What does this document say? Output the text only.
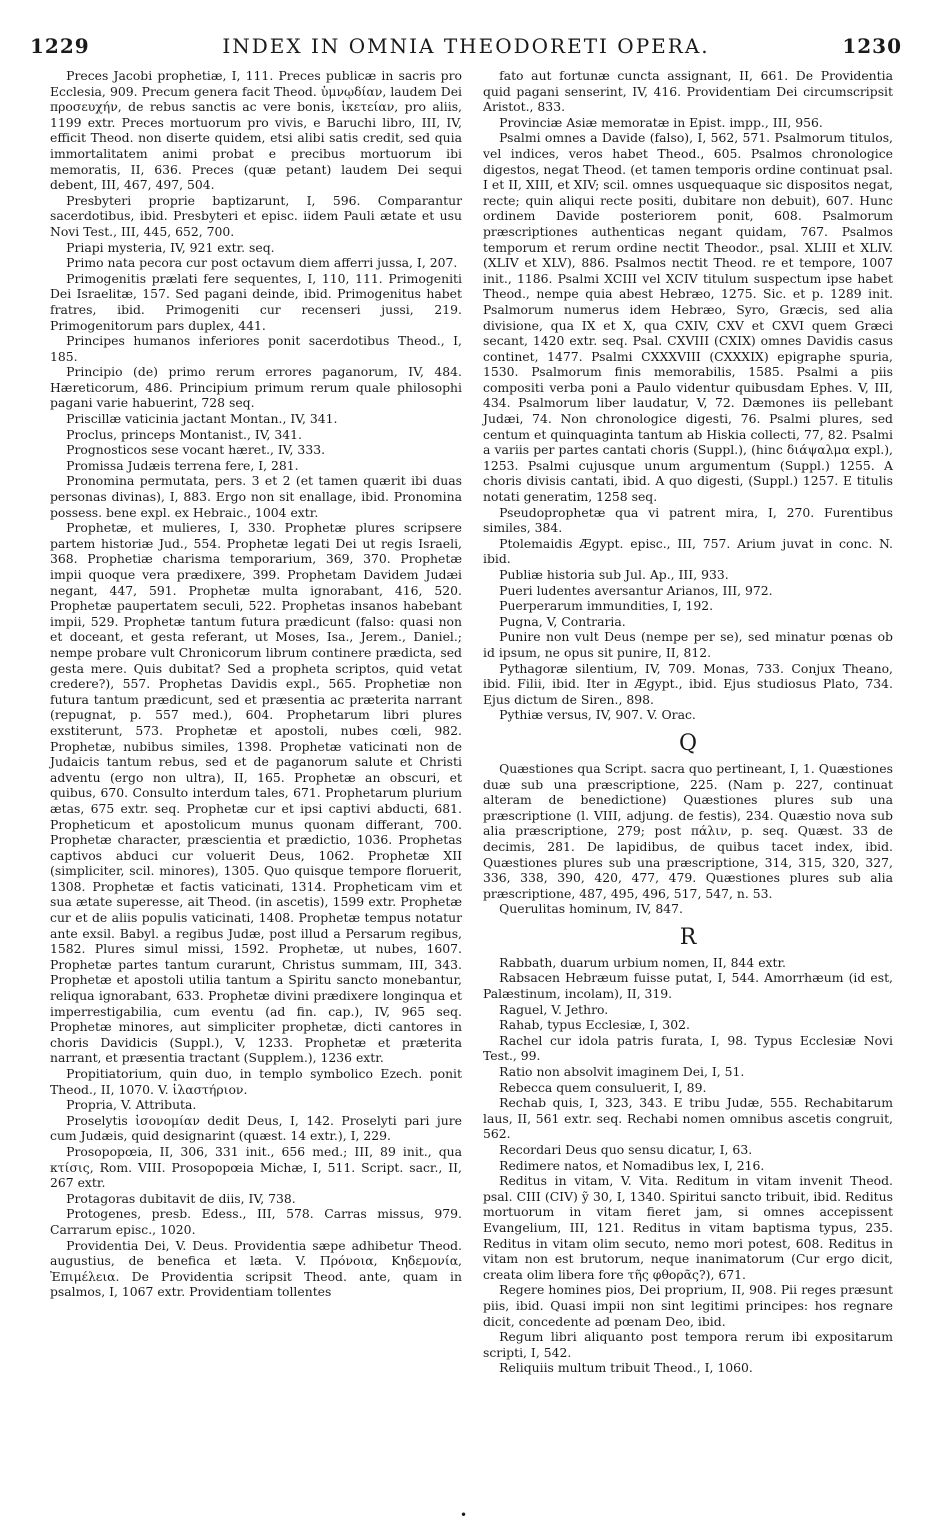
1229	INDEX IN OMNIA THEODORETI OPERA.	1230

Preces Jacobi prophetiæ, I, 111. Preces publicæ in sacris pro Ecclesia, 909. Precum genera facit Theod. ὑμνῳδίαν, laudem Dei προσευχήν, de rebus sanctis ac vere bonis, ἱκετείαν, pro aliis, 1199 extr. Preces mortuorum pro vivis, e Baruchi libro, III, IV, efficit Theod. non diserte quidem, etsi alibi satis credit, sed quia immortalitatem animi probat e precibus mortuorum ibi memoratis, II, 636. Preces (quæ petant) laudem Dei sequi debent, III, 467, 497, 504.

Presbyteri proprie baptizarunt, I, 596. Comparantur sacerdotibus, ibid. Presbyteri et episc. iidem Pauli ætate et usu Novi Test., III, 445, 652, 700.

Priapi mysteria, IV, 921 extr. seq.

Primo nata pecora cur post octavum diem afferri jussa, I, 207.

Primogenitis prælati fere sequentes, I, 110, 111. Primogeniti Dei Israelitæ, 157. Sed pagani deinde, ibid. Primogenitus habet fratres, ibid. Primogeniti cur recenseri jussi, 219. Primogenitorum pars duplex, 441.

Principes humanos inferiores ponit sacerdotibus Theod., I, 185.

Principio (de) primo rerum errores paganorum, IV, 484. Hæreticorum, 486. Principium primum rerum quale philosophi pagani varie habuerint, 728 seq.

Priscillæ vaticinia jactant Montan., IV, 341.

Proclus, princeps Montanist., IV, 341.

Prognosticos sese vocant hæret., IV, 333.

Promissa Judæis terrena fere, I, 281.

Pronomina permutata, pers. 3 et 2 (et tamen quærit ibi duas personas divinas), I, 883. Ergo non sit enallage, ibid. Pronomina possess. bene expl. ex Hebraic., 1004 extr.

Prophetæ, et mulieres, I, 330. Prophetæ plures scripsere partem historiæ Jud., 554. Prophetæ legati Dei ut regis Israeli, 368. Prophetiæ charisma temporarium, 369, 370. Prophetæ impii quoque vera prædixere, 399. Prophetam Davidem Judæi negant, 447, 591. Prophetæ multa ignorabant, 416, 520. Prophetæ paupertatem seculi, 522. Prophetas insanos habebant impii, 529. Prophetæ tantum futura prædicunt (falso: quasi non et doceant, et gesta referant, ut Moses, Isa., Jerem., Daniel.; nempe probare vult Chronicorum librum continere prædicta, sed gesta mere. Quis dubitat? Sed a propheta scriptos, quid vetat credere?), 557. Prophetas Davidis expl., 565. Prophetiæ non futura tantum prædicunt, sed et præsentia ac præterita narrant (repugnat, p. 557 med.), 604. Prophetarum libri plures exstiterunt, 573. Prophetæ et apostoli, nubes cœli, 982. Prophetæ, nubibus similes, 1398. Prophetæ vaticinati non de Judaicis tantum rebus, sed et de paganorum salute et Christi adventu (ergo non ultra), II, 165. Prophetæ an obscuri, et quibus, 670. Consulto interdum tales, 671. Prophetarum plurium ætas, 675 extr. seq. Prophetæ cur et ipsi captivi abducti, 681. Propheticum et apostolicum munus quonam differant, 700. Prophetæ character, præscientia et prædictio, 1036. Prophetas captivos abduci cur voluerit Deus, 1062. Prophetæ XII (simpliciter, scil. minores), 1305. Quo quisque tempore floruerit, 1308. Prophetæ et factis vaticinati, 1314. Propheticam vim et sua ætate superesse, ait Theod. (in ascetis), 1599 extr. Prophetæ cur et de aliis populis vaticinati, 1408. Prophetæ tempus notatur ante exsil. Babyl. a regibus Judæ, post illud a Persarum regibus, 1582. Plures simul missi, 1592. Prophetæ, ut nubes, 1607. Prophetæ partes tantum curarunt, Christus summam, III, 343. Prophetæ et apostoli utilia tantum a Spiritu sancto monebantur, reliqua ignorabant, 633. Prophetæ divini prædixere longinqua et imperrestigabilia, cum eventu (ad fin. cap.), IV, 965 seq. Prophetæ minores, aut simpliciter prophetæ, dicti cantores in choris Davidicis (Suppl.), V, 1233. Prophetæ et præterita narrant, et præsentia tractant (Supplem.), 1236 extr.

Propitiatorium, quin duo, in templo symbolico Ezech. ponit Theod., II, 1070. V. ἱλαστήριον.

Propria, V. Attributa.

Proselytis ἰσονομίαν dedit Deus, I, 142. Proselyti pari jure cum Judæis, quid designarint (quæst. 14 extr.), I, 229.

Prosopopœia, II, 306, 331 init., 656 med.; III, 89 init., qua κτίσις, Rom. VIII. Prosopopœia Michæ, I, 511. Script. sacr., II, 267 extr.

Protagoras dubitavit de diis, IV, 738.

Protogenes, presb. Edess., III, 578. Carras missus, 979. Carrarum episc., 1020.

Providentia Dei, V. Deus. Providentia sæpe adhibetur Theod. augustius, de benefica et læta. V. Πρόνοια, Κηδεμονία, Ἐπιμέλεια. De Providentia scripsit Theod. ante, quam in psalmos, I, 1067 extr. Providentiam tollentes

fato aut fortunæ cuncta assignant, II, 661. De Providentia quid pagani senserint, IV, 416. Providentiam Dei circumscripsit Aristot., 833.

Provinciæ Asiæ memoratæ in Epist. impp., III, 956.

Psalmi omnes a Davide (falso), I, 562, 571. Psalmorum titulos, vel indices, veros habet Theod., 605. Psalmos chronologice digestos, negat Theod. (et tamen temporis ordine continuat psal. I et II, XIII, et XIV; scil. omnes usquequaque sic dispositos negat, recte; quin aliqui recte positi, dubitare non debuit), 607. Hunc ordinem Davide posteriorem ponit, 608. Psalmorum præscriptiones authenticas negant quidam, 767. Psalmos temporum et rerum ordine nectit Theodor., psal. XLIII et XLIV. (XLIV et XLV), 886. Psalmos nectit Theod. re et tempore, 1007 init., 1186. Psalmi XCIII vel XCIV titulum suspectum ipse habet Theod., nempe quia abest Hebræo, 1275. Sic. et p. 1289 init. Psalmorum numerus idem Hebræo, Syro, Græcis, sed alia divisione, qua IX et X, qua CXIV, CXV et CXVI quem Græci secant, 1420 extr. seq. Psal. CXVIII (CXIX) omnes Davidis casus continet, 1477. Psalmi CXXXVIII (CXXXIX) epigraphe spuria, 1530. Psalmorum finis memorabilis, 1585. Psalmi a piis compositi verba poni a Paulo videntur quibusdam Ephes. V, III, 434. Psalmorum liber laudatur, V, 72. Dæmones iis pellebant Judæi, 74. Non chronologice digesti, 76. Psalmi plures, sed centum et quinquaginta tantum ab Hiskia collecti, 77, 82. Psalmi a variis per partes cantati choris (Suppl.), (hinc διάψαλμα expl.), 1253. Psalmi cujusque unum argumentum (Suppl.) 1255. A choris divisis cantati, ibid. A quo digesti, (Suppl.) 1257. E titulis notati generatim, 1258 seq.

Pseudoprophetæ qua vi patrent mira, I, 270. Furentibus similes, 384.

Ptolemaidis Ægypt. episc., III, 757. Arium juvat in conc. N. ibid.

Publiæ historia sub Jul. Ap., III, 933.

Pueri ludentes aversantur Arianos, III, 972.

Puerperarum immundities, I, 192.

Pugna, V, Contraria.

Punire non vult Deus (nempe per se), sed minatur pœnas ob id ipsum, ne opus sit punire, II, 812.

Pythagoræ silentium, IV, 709. Monas, 733. Conjux Theano, ibid. Filii, ibid. Iter in Ægypt., ibid. Ejus studiosus Plato, 734. Ejus dictum de Siren., 898.

Pythiæ versus, IV, 907. V. Orac.

Q

Quæstiones qua Script. sacra quo pertineant, I, 1. Quæstiones duæ sub una præscriptione, 225. (Nam p. 227, continuat alteram de benedictione) Quæstiones plures sub una præscriptione (l. VIII, adjung. de festis), 234. Quæstio nova sub alia præscriptione, 279; post πάλιν, p. seq. Quæst. 33 de decimis, 281. De lapidibus, de quibus tacet index, ibid. Quæstiones plures sub una præscriptione, 314, 315, 320, 327, 336, 338, 390, 420, 477, 479. Quæstiones plures sub alia præscriptione, 487, 495, 496, 517, 547, n. 53.

Querulitas hominum, IV, 847.

R

Rabbath, duarum urbium nomen, II, 844 extr.

Rabsacen Hebræum fuisse putat, I, 544. Amorrhæum (id est, Palæstinum, incolam), II, 319.

Raguel, V. Jethro.

Rahab, typus Ecclesiæ, I, 302.

Rachel cur idola patris furata, I, 98. Typus Ecclesiæ Novi Test., 99.

Ratio non absolvit imaginem Dei, I, 51.

Rebecca quem consuluerit, I, 89.

Rechab quis, I, 323, 343. E tribu Judæ, 555. Rechabitarum laus, II, 561 extr. seq. Rechabi nomen omnibus ascetis congruit, 562.

Recordari Deus quo sensu dicatur, I, 63.

Redimere natos, et Nomadibus lex, I, 216.

Reditus in vitam, V. Vita. Reditum in vitam invenit Theod. psal. CIII (CIV) ỹ 30, I, 1340. Spiritui sancto tribuit, ibid. Reditus mortuorum in vitam fieret jam, si omnes accepissent Evangelium, III, 121. Reditus in vitam baptisma typus, 235. Reditus in vitam olim secuto, nemo mori potest, 608. Reditus in vitam non est brutorum, neque inanimatorum (Cur ergo dicit, creata olim libera fore τῆς φθορᾶς?), 671.

Regere homines pios, Dei proprium, II, 908. Pii reges præsunt piis, ibid. Quasi impii non sint legitimi principes: hos regnare dicit, concedente ad pœnam Deo, ibid.

Regum libri aliquanto post tempora rerum ibi expositarum scripti, I, 542.

Reliquiis multum tribuit Theod., I, 1060.

•
